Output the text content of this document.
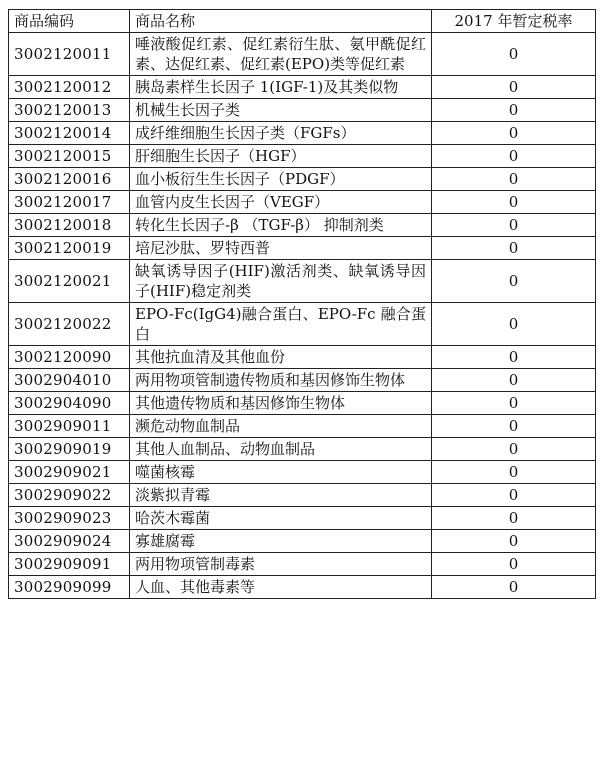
商品编码	商品名称	2017 年暂定税率
3002120011	唾液酸促红素、促红素衍生肽、氨甲酰促红素、达促红素、促红素(EPO)类等促红素	0
3002120012	胰岛素样生长因子 1(IGF-1)及其类似物	0
3002120013	机械生长因子类	0
3002120014	成纤维细胞生长因子类（FGFs）	0
3002120015	肝细胞生长因子（HGF）	0
3002120016	血小板衍生生长因子（PDGF）	0
3002120017	血管内皮生长因子（VEGF）	0
3002120018	转化生长因子-β （TGF-β） 抑制剂类	0
3002120019	培尼沙肽、罗特西普	0
3002120021	缺氧诱导因子(HIF)激活剂类、缺氧诱导因子(HIF)稳定剂类	0
3002120022	EPO-Fc(IgG4)融合蛋白、EPO-Fc 融合蛋白	0
3002120090	其他抗血清及其他血份	0
3002904010	两用物项管制遗传物质和基因修饰生物体	0
3002904090	其他遗传物质和基因修饰生物体	0
3002909011	濒危动物血制品	0
3002909019	其他人血制品、动物血制品	0
3002909021	噬菌核霉	0
3002909022	淡紫拟青霉	0
3002909023	哈茨木霉菌	0
3002909024	寡雄腐霉	0
3002909091	两用物项管制毒素	0
3002909099	人血、其他毒素等	0
